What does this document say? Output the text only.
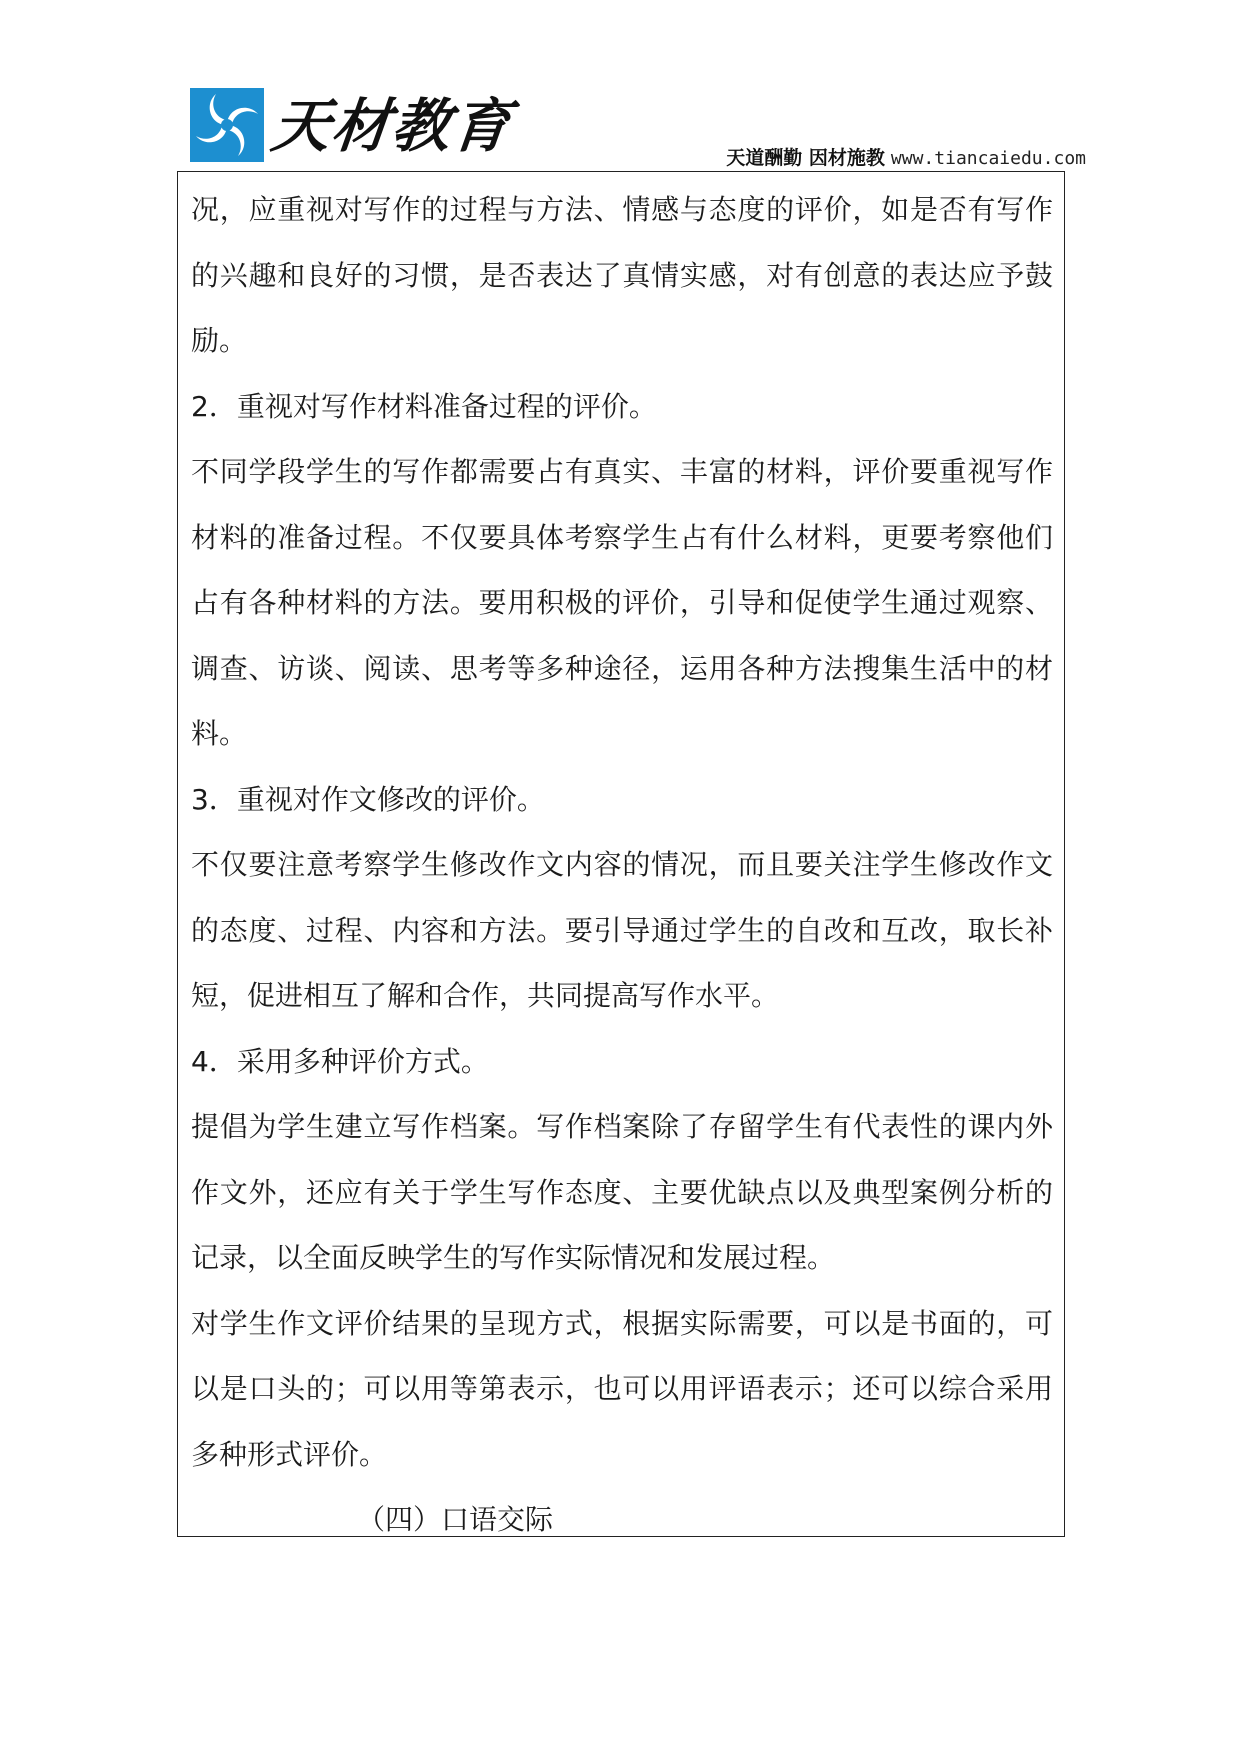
天材教育	天道酬勤 因材施教 www.tiancaiedu.com
况，应重视对写作的过程与方法、情感与态度的评价，如是否有写作
的兴趣和良好的习惯，是否表达了真情实感，对有创意的表达应予鼓
励。
2．重视对写作材料准备过程的评价。
不同学段学生的写作都需要占有真实、丰富的材料，评价要重视写作
材料的准备过程。不仅要具体考察学生占有什么材料，更要考察他们
占有各种材料的方法。要用积极的评价，引导和促使学生通过观察、
调查、访谈、阅读、思考等多种途径，运用各种方法搜集生活中的材
料。
3．重视对作文修改的评价。
不仅要注意考察学生修改作文内容的情况，而且要关注学生修改作文
的态度、过程、内容和方法。要引导通过学生的自改和互改，取长补
短，促进相互了解和合作，共同提高写作水平。
4．采用多种评价方式。
提倡为学生建立写作档案。写作档案除了存留学生有代表性的课内外
作文外，还应有关于学生写作态度、主要优缺点以及典型案例分析的
记录，以全面反映学生的写作实际情况和发展过程。
对学生作文评价结果的呈现方式，根据实际需要，可以是书面的，可
以是口头的；可以用等第表示，也可以用评语表示；还可以综合采用
多种形式评价。
（四）口语交际
